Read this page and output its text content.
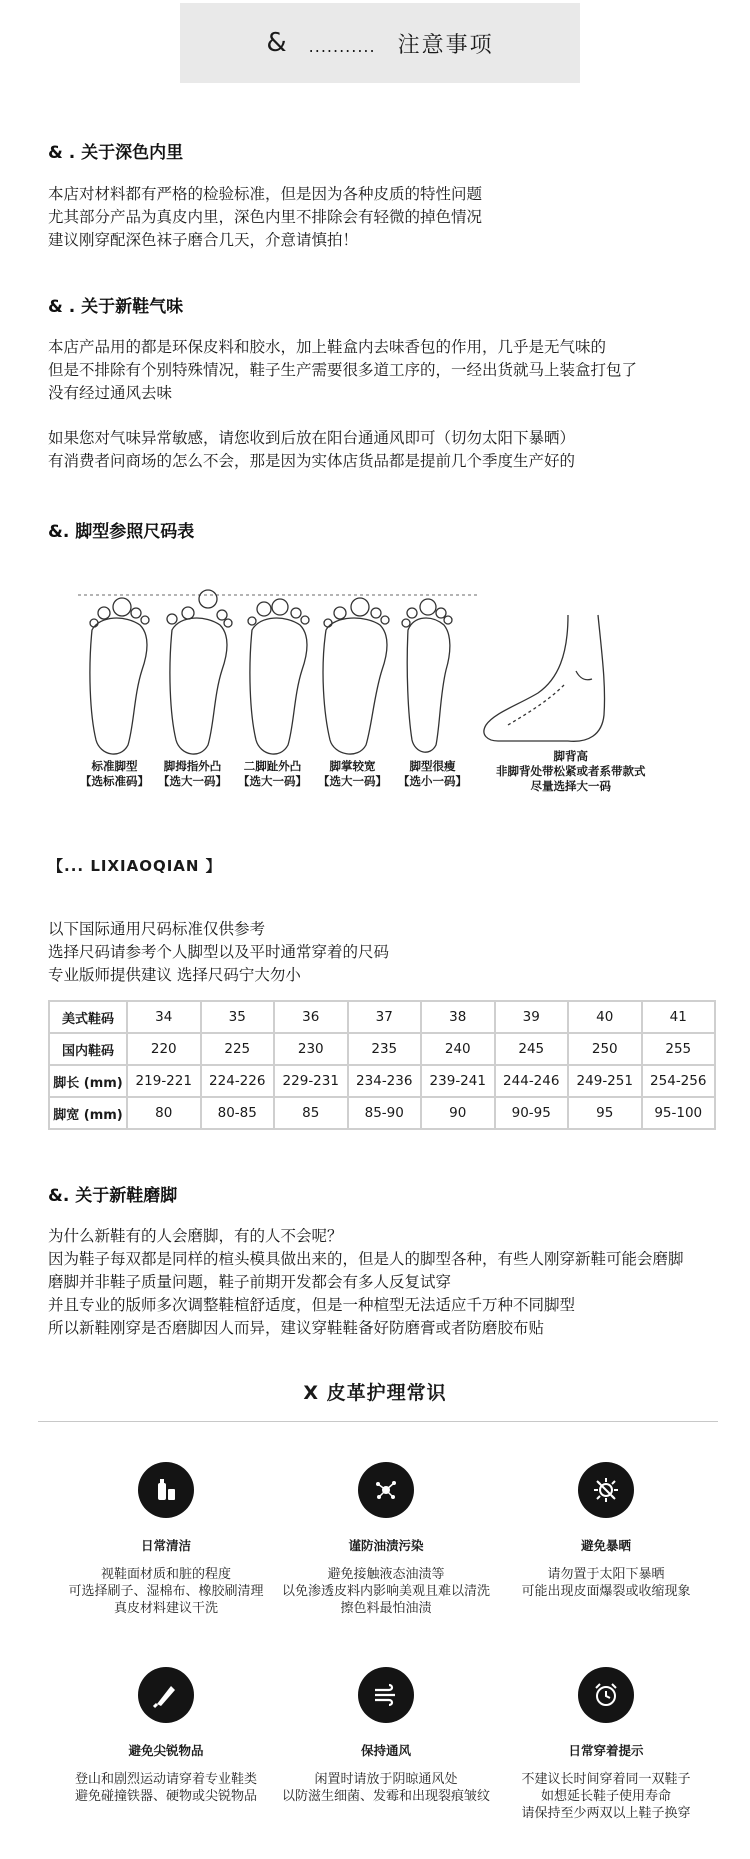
& ........... 注意事项
& . 关于深色内里
本店对材料都有严格的检验标准，但是因为各种皮质的特性问题
尤其部分产品为真皮内里，深色内里不排除会有轻微的掉色情况
建议刚穿配深色袜子磨合几天，介意请慎拍！
& . 关于新鞋气味
本店产品用的都是环保皮料和胶水，加上鞋盒内去味香包的作用，几乎是无气味的
但是不排除有个别特殊情况，鞋子生产需要很多道工序的，一经出货就马上装盒打包了
没有经过通风去味
如果您对气味异常敏感，请您收到后放在阳台通通风即可（切勿太阳下暴晒）
有消费者问商场的怎么不会，那是因为实体店货品都是提前几个季度生产好的
&. 脚型参照尺码表
标准脚型
【选标准码】
脚拇指外凸
【选大一码】
二脚趾外凸
【选大一码】
脚掌较宽
【选大一码】
脚型很瘦
【选小一码】
脚背高
非脚背处带松紧或者系带款式
尽量选择大一码
【... LIXIAOQIAN 】
以下国际通用尺码标准仅供参考
选择尺码请参考个人脚型以及平时通常穿着的尺码
专业版师提供建议 选择尺码宁大勿小
美式鞋码	34	35	36	37	38	39	40	41
国内鞋码	220	225	230	235	240	245	250	255
脚长 (mm)	219-221	224-226	229-231	234-236	239-241	244-246	249-251	254-256
脚宽 (mm)	80	80-85	85	85-90	90	90-95	95	95-100
&. 关于新鞋磨脚
为什么新鞋有的人会磨脚，有的人不会呢？
因为鞋子每双都是同样的楦头模具做出来的，但是人的脚型各种，有些人刚穿新鞋可能会磨脚
磨脚并非鞋子质量问题，鞋子前期开发都会有多人反复试穿
并且专业的版师多次调整鞋楦舒适度，但是一种楦型无法适应千万种不同脚型
所以新鞋刚穿是否磨脚因人而异，建议穿鞋鞋备好防磨膏或者防磨胶布贴
X 皮革护理常识
日常清洁
视鞋面材质和脏的程度
可选择刷子、湿棉布、橡胶刷清理
真皮材料建议干洗
谨防油渍污染
避免接触液态油渍等
以免渗透皮料内影响美观且难以清洗
擦色料最怕油渍
避免暴晒
请勿置于太阳下暴晒
可能出现皮面爆裂或收缩现象
避免尖锐物品
登山和剧烈运动请穿着专业鞋类
避免碰撞铁器、硬物或尖锐物品
保持通风
闲置时请放于阴晾通风处
以防滋生细菌、发霉和出现裂痕皱纹
日常穿着提示
不建议长时间穿着同一双鞋子
如想延长鞋子使用寿命
请保持至少两双以上鞋子换穿
